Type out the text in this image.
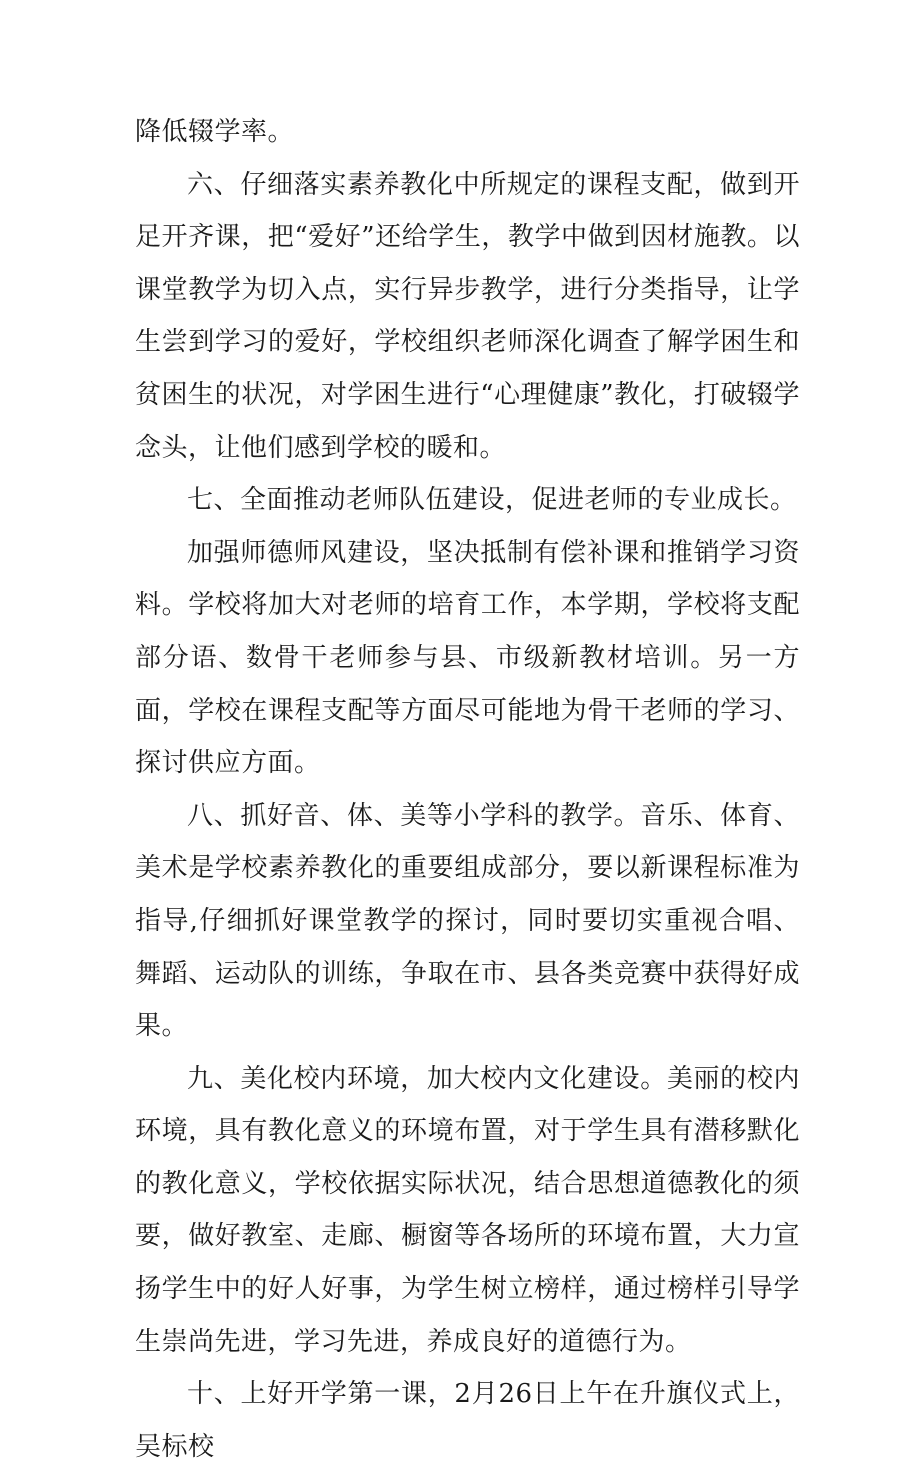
降低辍学率。

六、仔细落实素养教化中所规定的课程支配，做到开足开齐课，把“爱好”还给学生，教学中做到因材施教。以课堂教学为切入点，实行异步教学，进行分类指导，让学生尝到学习的爱好，学校组织老师深化调查了解学困生和贫困生的状况，对学困生进行“心理健康”教化，打破辍学念头，让他们感到学校的暖和。

七、全面推动老师队伍建设，促进老师的专业成长。

加强师德师风建设，坚决抵制有偿补课和推销学习资料。学校将加大对老师的培育工作，本学期，学校将支配部分语、数骨干老师参与县、市级新教材培训。另一方面，学校在课程支配等方面尽可能地为骨干老师的学习、探讨供应方面。

八、抓好音、体、美等小学科的教学。音乐、体育、美术是学校素养教化的重要组成部分，要以新课程标准为指导,仔细抓好课堂教学的探讨，同时要切实重视合唱、舞蹈、运动队的训练，争取在市、县各类竞赛中获得好成果。

九、美化校内环境，加大校内文化建设。美丽的校内环境，具有教化意义的环境布置，对于学生具有潜移默化的教化意义，学校依据实际状况，结合思想道德教化的须要，做好教室、走廊、橱窗等各场所的环境布置，大力宣扬学生中的好人好事，为学生树立榜样，通过榜样引导学生崇尚先进，学习先进，养成良好的道德行为。

十、上好开学第一课，2月26日上午在升旗仪式上，吴标校
